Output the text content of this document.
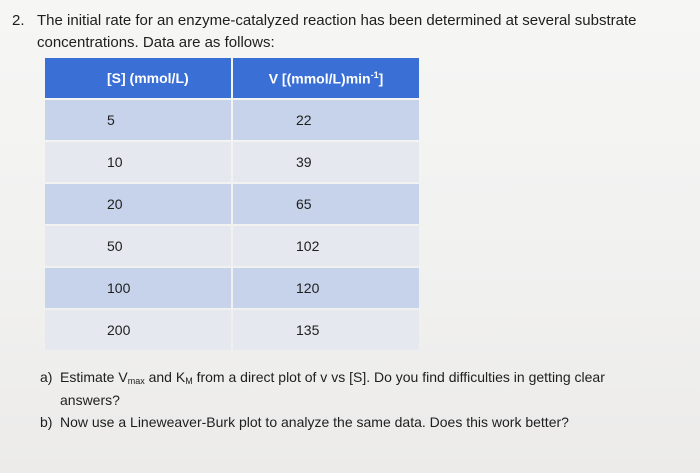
2. The initial rate for an enzyme-catalyzed reaction has been determined at several substrate concentrations. Data are as follows:
[S] (mmol/L)	V $[(mmol/L)\min^{-1}]$
5	22
10	39
20	65
50	102
100	120
200	135
a) Estimate $V_{max}$ and $K_M$ from a direct plot of v vs [S]. Do you find difficulties in getting clear answers?
b) Now use a Lineweaver-Burk plot to analyze the same data. Does this work better?
